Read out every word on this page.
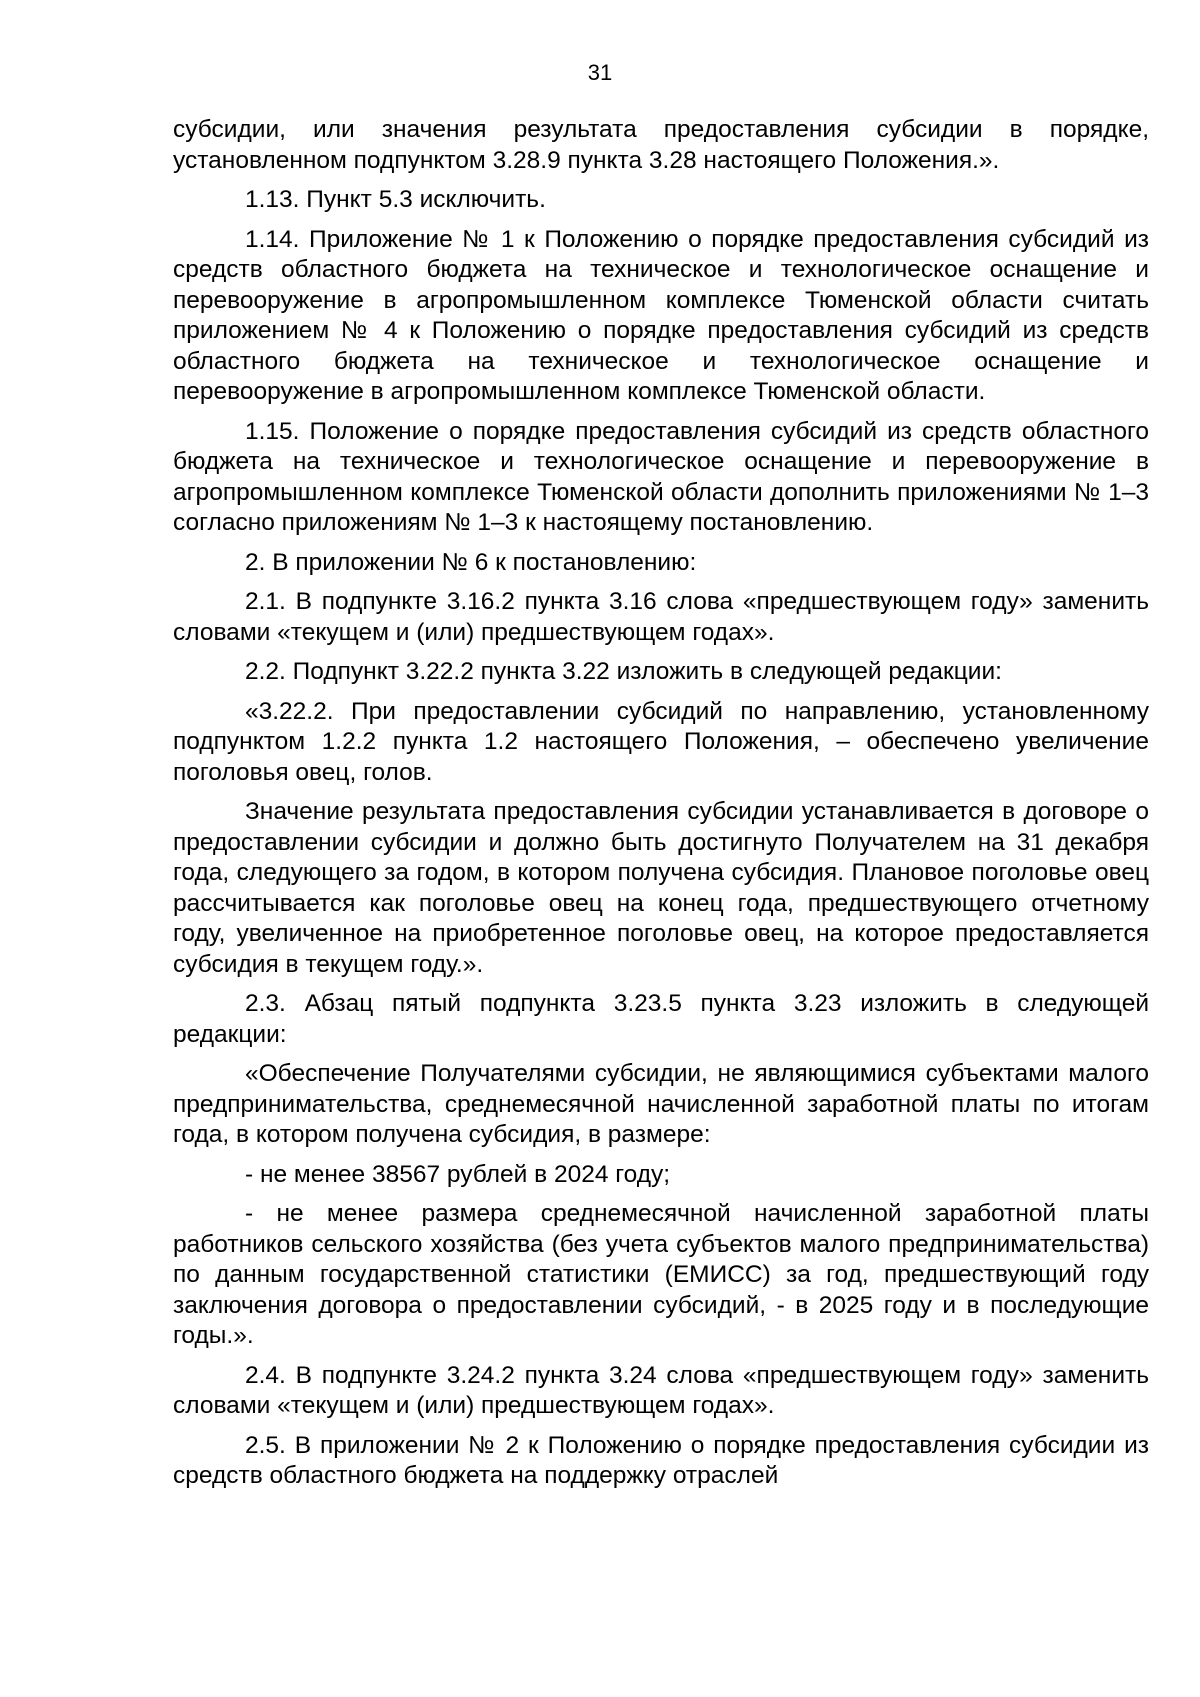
31

субсидии, или значения результата предоставления субсидии в порядке, установленном подпунктом 3.28.9 пункта 3.28 настоящего Положения.».

1.13. Пункт 5.3 исключить.

1.14. Приложение № 1 к Положению о порядке предоставления субсидий из средств областного бюджета на техническое и технологическое оснащение и перевооружение в агропромышленном комплексе Тюменской области считать приложением № 4 к Положению о порядке предоставления субсидий из средств областного бюджета на техническое и технологическое оснащение и перевооружение в агропромышленном комплексе Тюменской области.

1.15. Положение о порядке предоставления субсидий из средств областного бюджета на техническое и технологическое оснащение и перевооружение в агропромышленном комплексе Тюменской области дополнить приложениями № 1–3 согласно приложениям № 1–3 к настоящему постановлению.

2. В приложении № 6 к постановлению:

2.1. В подпункте 3.16.2 пункта 3.16 слова «предшествующем году» заменить словами «текущем и (или) предшествующем годах».

2.2. Подпункт 3.22.2 пункта 3.22 изложить в следующей редакции:

«3.22.2. При предоставлении субсидий по направлению, установленному подпунктом 1.2.2 пункта 1.2 настоящего Положения, – обеспечено увеличение поголовья овец, голов.

Значение результата предоставления субсидии устанавливается в договоре о предоставлении субсидии и должно быть достигнуто Получателем на 31 декабря года, следующего за годом, в котором получена субсидия. Плановое поголовье овец рассчитывается как поголовье овец на конец года, предшествующего отчетному году, увеличенное на приобретенное поголовье овец, на которое предоставляется субсидия в текущем году.».

2.3. Абзац пятый подпункта 3.23.5 пункта 3.23 изложить в следующей редакции:

«Обеспечение Получателями субсидии, не являющимися субъектами малого предпринимательства, среднемесячной начисленной заработной платы по итогам года, в котором получена субсидия, в размере:

- не менее 38567 рублей в 2024 году;

- не менее размера среднемесячной начисленной заработной платы работников сельского хозяйства (без учета субъектов малого предпринимательства) по данным государственной статистики (ЕМИСС) за год, предшествующий году заключения договора о предоставлении субсидий, - в 2025 году и в последующие годы.».

2.4. В подпункте 3.24.2 пункта 3.24 слова «предшествующем году» заменить словами «текущем и (или) предшествующем годах».

2.5. В приложении № 2 к Положению о порядке предоставления субсидии из средств областного бюджета на поддержку отраслей
